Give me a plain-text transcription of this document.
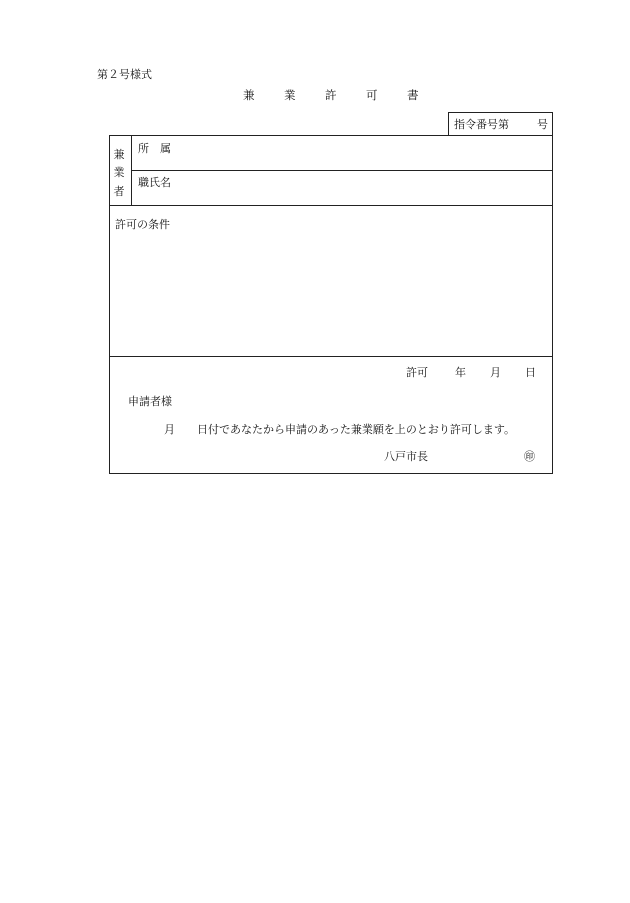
第２号様式
兼	業	許	可	書
指令番号第	号
兼
業
者
所　属
職氏名
許可の条件
許可 年 月 日
申請者様
月 日付であなたから申請のあった兼業願を上のとおり許可します。
八戸市長	㊞
